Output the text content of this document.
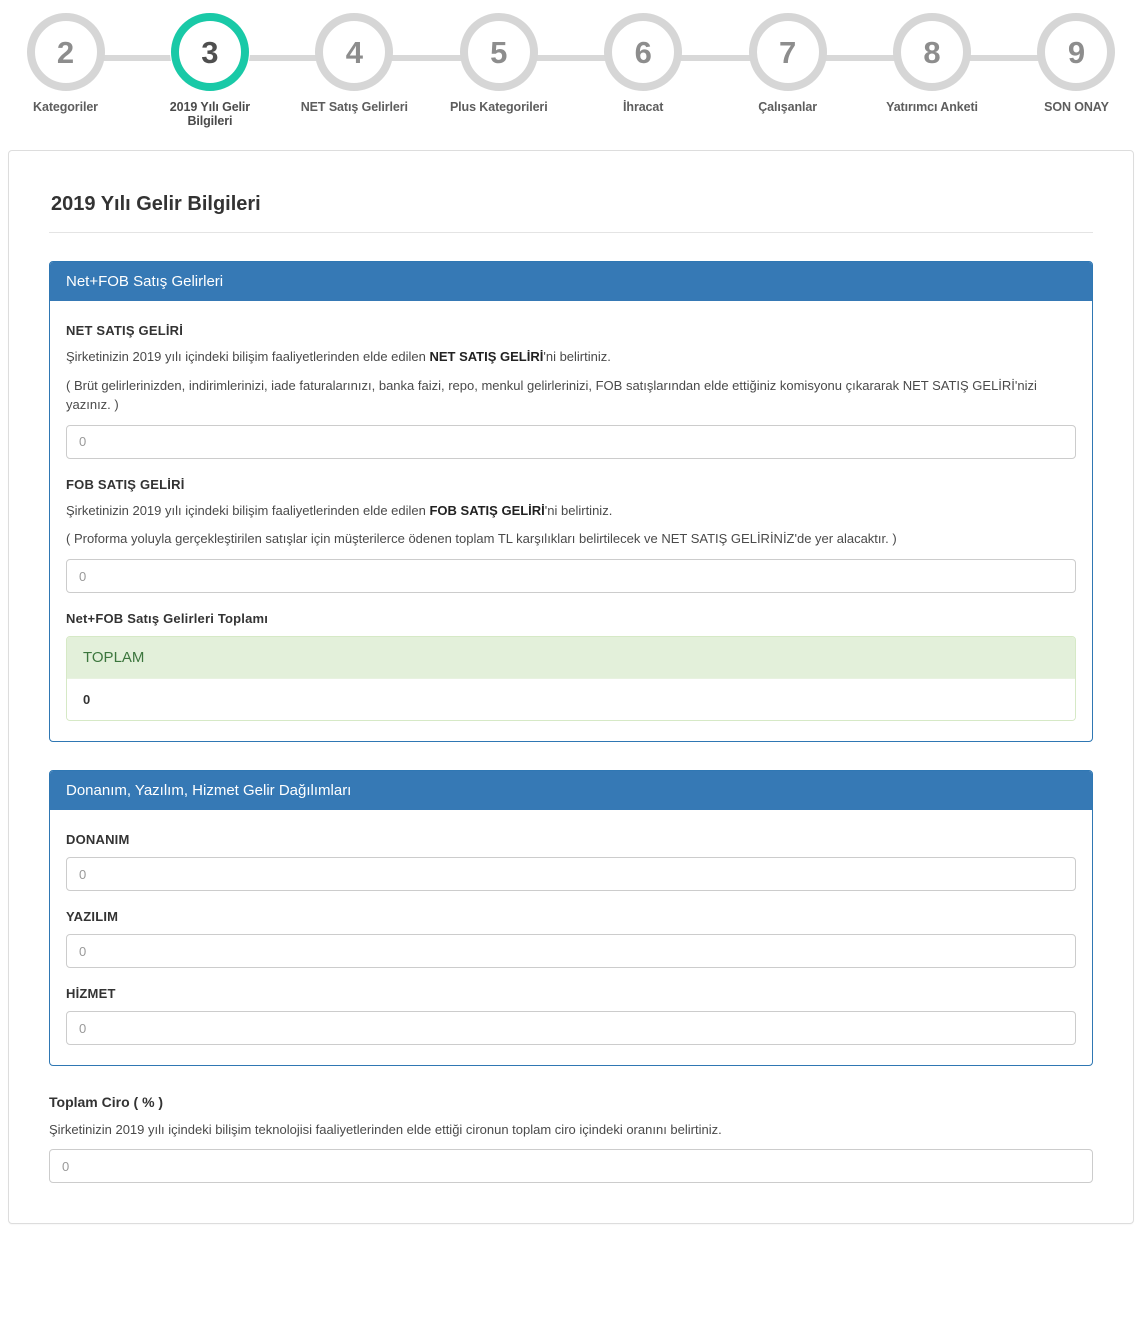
2
Kategoriler
3
2019 Yılı Gelir Bilgileri
4
NET Satış Gelirleri
5
Plus Kategorileri
6
İhracat
7
Çalışanlar
8
Yatırımcı Anketi
9
SON ONAY
2019 Yılı Gelir Bilgileri
Net+FOB Satış Gelirleri
NET SATIŞ GELİRİ

Şirketinizin 2019 yılı içindeki bilişim faaliyetlerinden elde edilen NET SATIŞ GELİRİ'ni belirtiniz.

( Brüt gelirlerinizden, indirimlerinizi, iade faturalarınızı, banka faizi, repo, menkul gelirlerinizi, FOB satışlarından elde ettiğiniz komisyonu çıkararak NET SATIŞ GELİRİ'nizi yazınız. )

0
FOB SATIŞ GELİRİ

Şirketinizin 2019 yılı içindeki bilişim faaliyetlerinden elde edilen FOB SATIŞ GELİRİ'ni belirtiniz.

( Proforma yoluyla gerçekleştirilen satışlar için müşterilerce ödenen toplam TL karşılıkları belirtilecek ve NET SATIŞ GELİRİNİZ'de yer alacaktır. )

0
Net+FOB Satış Gelirleri Toplamı
TOPLAM
0
Donanım, Yazılım, Hizmet Gelir Dağılımları
DONANIM
0
YAZILIM
0
HİZMET
0
Toplam Ciro ( % )
Şirketinizin 2019 yılı içindeki bilişim teknolojisi faaliyetlerinden elde ettiği cironun toplam ciro içindeki oranını belirtiniz.
0
